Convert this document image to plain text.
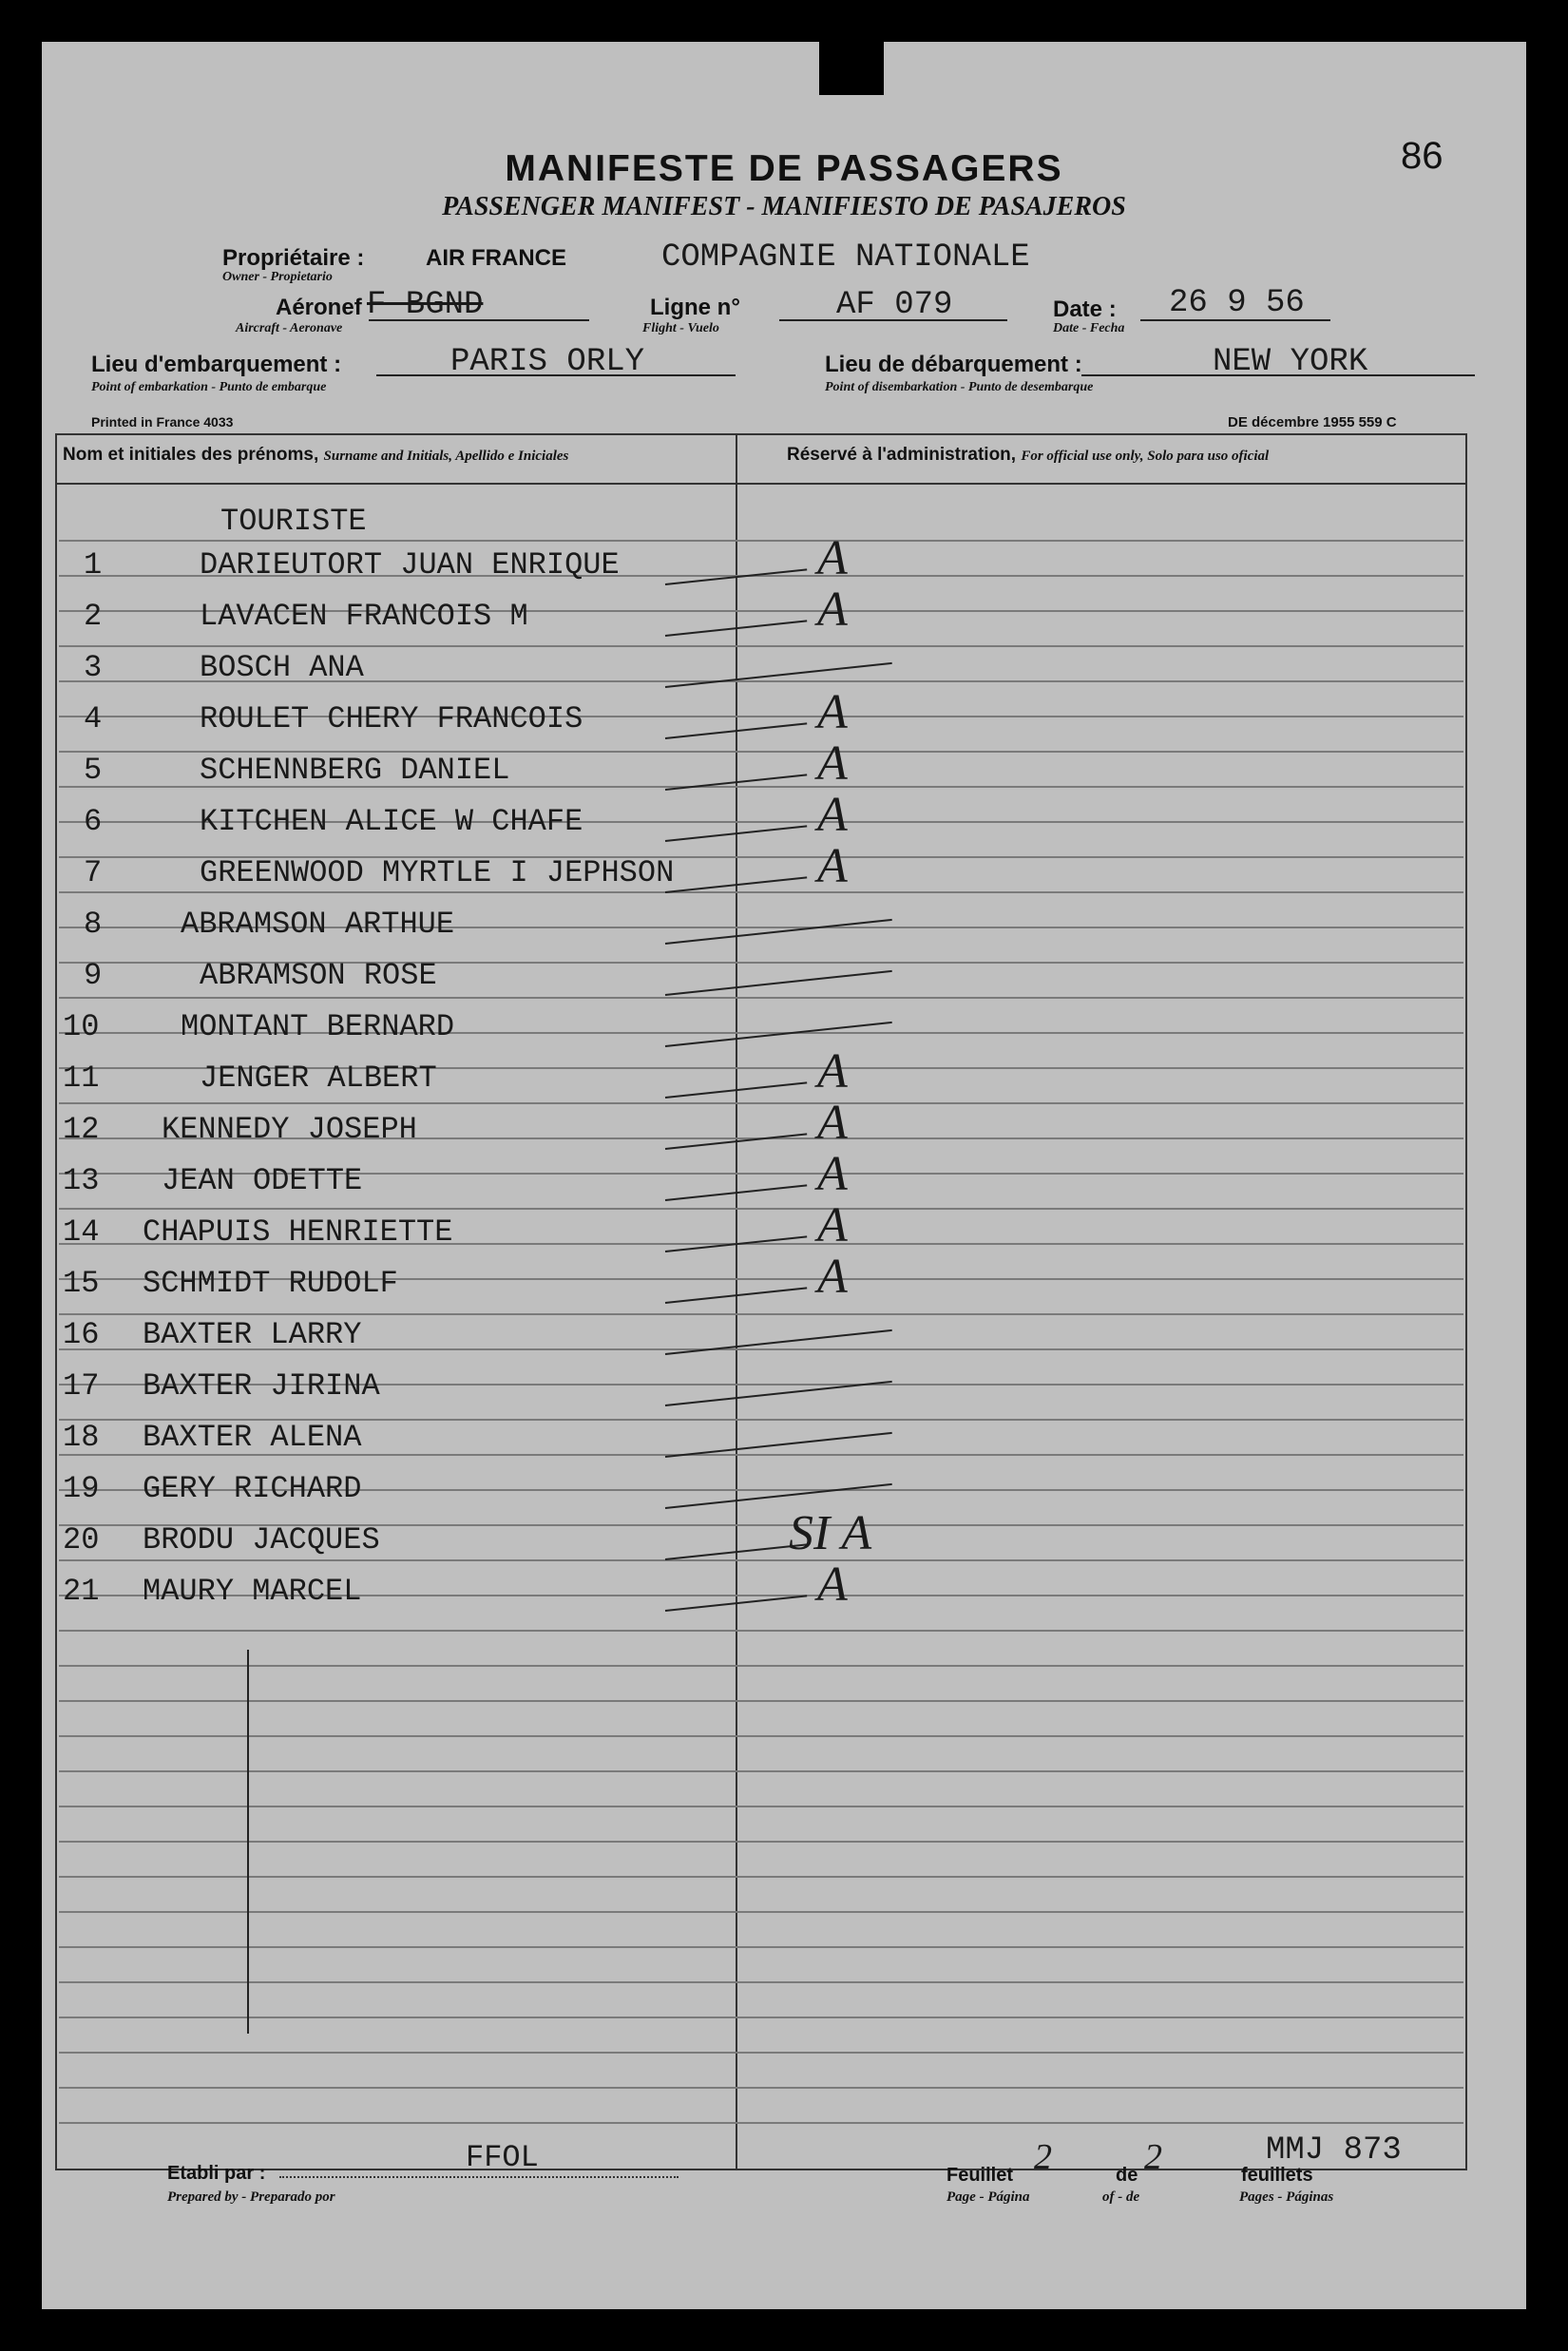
MANIFESTE DE PASSAGERS
PASSENGER MANIFEST - MANIFIESTO DE PASAJEROS
86
Propriétaire :
Owner - Propietario
AIR FRANCE	COMPAGNIE NATIONALE
Aéronef
Aircraft - Aeronave
F BGND	Ligne n°
Flight - Vuelo
AF 079	Date :
Date - Fecha
26 9 56
Lieu d'embarquement :
Point of embarkation - Punto de embarque
PARIS ORLY	Lieu de débarquement :
Point of disembarkation - Punto de desembarque
NEW YORK
Printed in France 4033	DE décembre 1955 559 C
Nom et initiales des prénoms, Surname and Initials, Apellido e Iniciales	Réservé à l'administration, For official use only, Solo para uso oficial
TOURISTE
1	DARIEUTORT JUAN ENRIQUE	A
2	LAVACEN FRANCOIS M	A
3	BOSCH ANA
4	ROULET CHERY FRANCOIS	A
5	SCHENNBERG DANIEL	A
6	KITCHEN ALICE W CHAFE	A
7	GREENWOOD MYRTLE I JEPHSON	A
8	ABRAMSON ARTHUE
9	ABRAMSON ROSE
10	MONTANT BERNARD
11	JENGER ALBERT	A
12 KENNEDY JOSEPH	A
13 JEAN ODETTE	A
14 CHAPUIS HENRIETTE	A
15 SCHMIDT RUDOLF	A
16 BAXTER LARRY
17 BAXTER JIRINA
18 BAXTER ALENA
19 GERY RICHARD
20 BRODU JACQUES	SI A
21 MAURY MARCEL	A
Etabli par :
Prepared by - Preparado por
FFOL	Feuillet
Page - Página
2	de
of - de
2	feuillets
Pages - Páginas
MMJ 873
